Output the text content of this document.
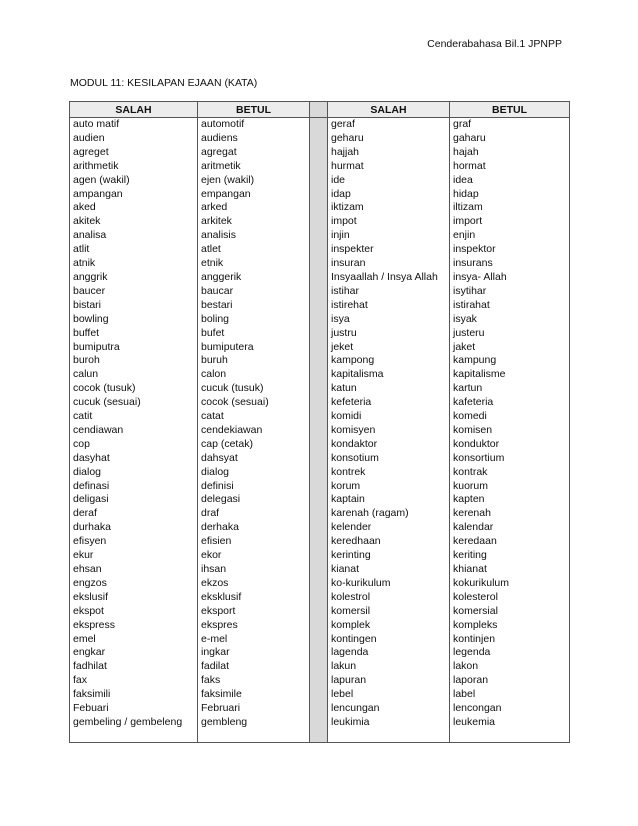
Cenderabahasa Bil.1 JPNPP
MODUL 11: KESILAPAN EJAAN (KATA)
SALAH	BETUL		SALAH	BETUL
auto matif	automotif		geraf	graf
audien	audiens		geharu	gaharu
agreget	agregat		hajjah	hajah
arithmetik	aritmetik		hurmat	hormat
agen (wakil)	ejen (wakil)		ide	idea
ampangan	empangan		idap	hidap
aked	arked		iktizam	iltizam
akitek	arkitek		impot	import
analisa	analisis		injin	enjin
atlit	atlet		inspekter	inspektor
atnik	etnik		insuran	insurans
anggrik	anggerik		Insyaallah / Insya Allah	insya- Allah
baucer	baucar		istihar	isytihar
bistari	bestari		istirehat	istirahat
bowling	boling		isya	isyak
buffet	bufet		justru	justeru
bumiputra	bumiputera		jeket	jaket
buroh	buruh		kampong	kampung
calun	calon		kapitalisma	kapitalisme
cocok (tusuk)	cucuk (tusuk)		katun	kartun
cucuk (sesuai)	cocok (sesuai)		kefeteria	kafeteria
catit	catat		komidi	komedi
cendiawan	cendekiawan		komisyen	komisen
cop	cap (cetak)		kondaktor	konduktor
dasyhat	dahsyat		konsotium	konsortium
dialog	dialog		kontrek	kontrak
definasi	definisi		korum	kuorum
deligasi	delegasi		kaptain	kapten
deraf	draf		karenah (ragam)	kerenah
durhaka	derhaka		kelender	kalendar
efisyen	efisien		keredhaan	keredaan
ekur	ekor		kerinting	keriting
ehsan	ihsan		kianat	khianat
engzos	ekzos		ko-kurikulum	kokurikulum
ekslusif	eksklusif		kolestrol	kolesterol
ekspot	eksport		komersil	komersial
ekspress	ekspres		komplek	kompleks
emel	e-mel		kontingen	kontinjen
engkar	ingkar		lagenda	legenda
fadhilat	fadilat		lakun	lakon
fax	faks		lapuran	laporan
faksimili	faksimile		lebel	label
Febuari	Februari		lencungan	lencongan
gembeling / gembeleng	gembleng		leukimia	leukemia
